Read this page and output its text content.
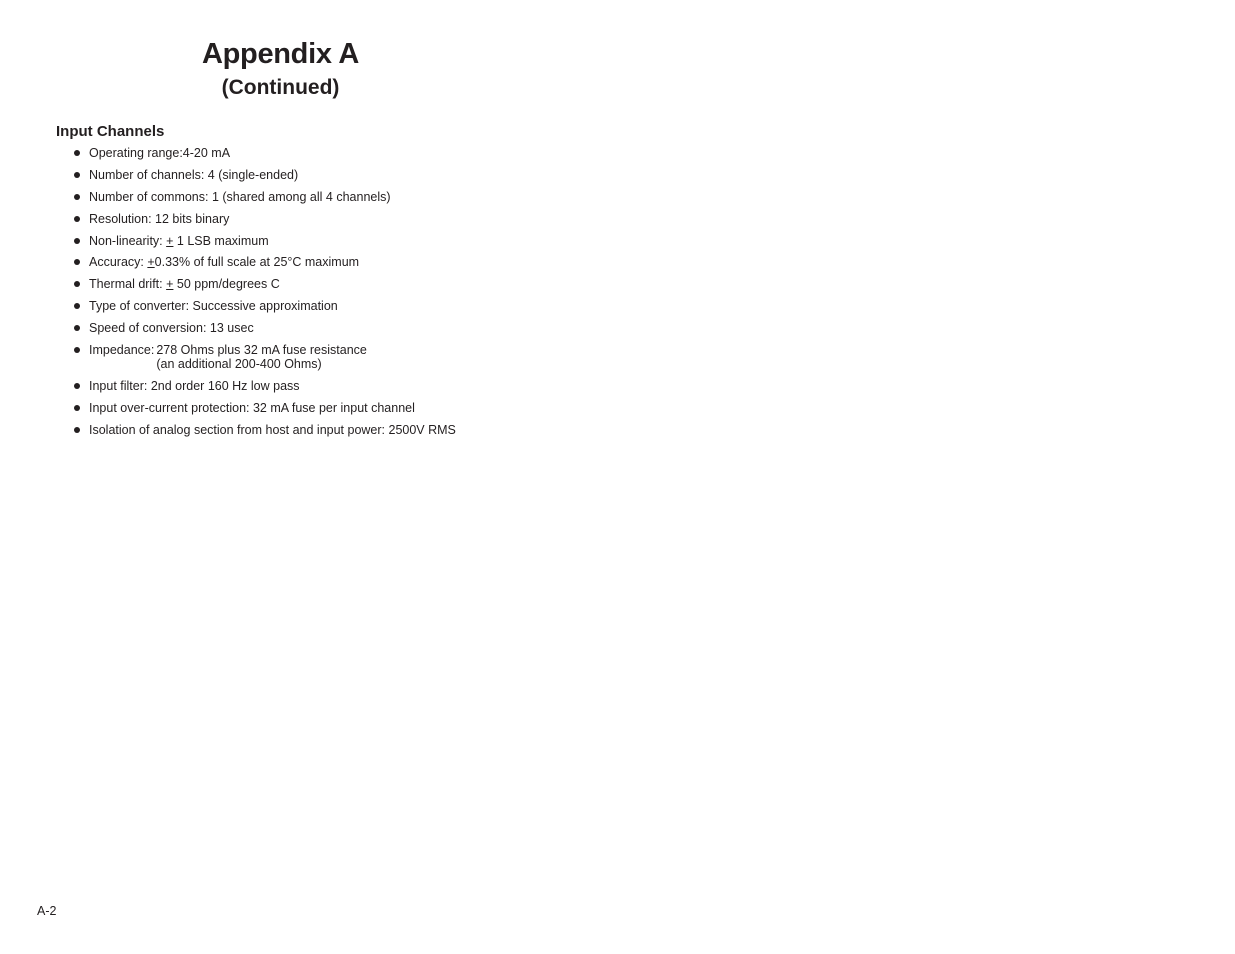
Appendix A
(Continued)
Input Channels
Operating range:4-20 mA
Number of channels: 4 (single-ended)
Number of commons: 1 (shared among all 4 channels)
Resolution: 12 bits binary
Non-linearity: + 1 LSB maximum
Accuracy: +0.33% of full scale at 25°C maximum
Thermal drift: + 50 ppm/degrees C
Type of converter: Successive approximation
Speed of conversion: 13 usec
Impedance: 278 Ohms plus 32 mA fuse resistance
(an additional 200-400 Ohms)
Input filter: 2nd order 160 Hz low pass
Input over-current protection: 32 mA fuse per input channel
Isolation of analog section from host and input power: 2500V RMS
A-2
